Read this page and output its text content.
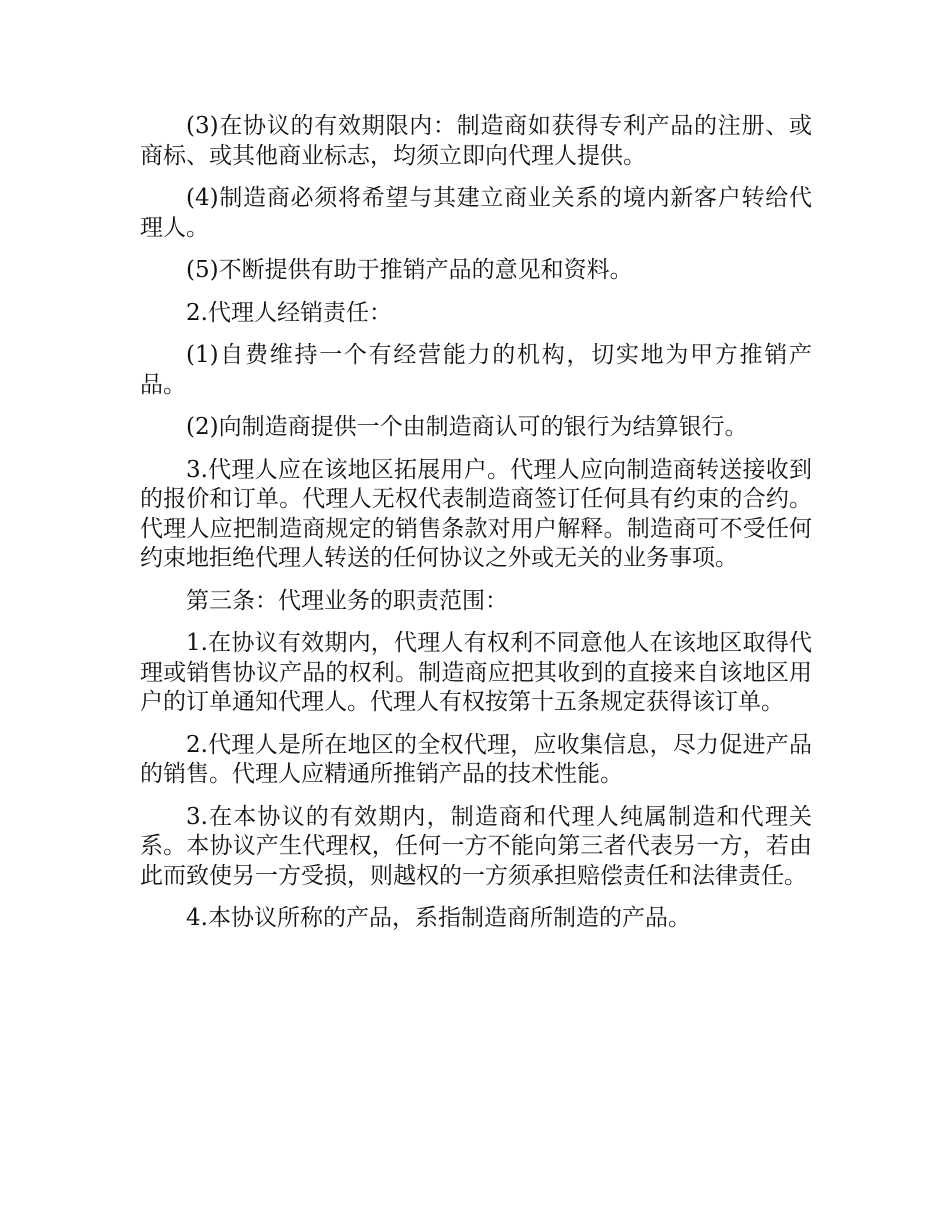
(3)在协议的有效期限内：制造商如获得专利产品的注册、或商标、或其他商业标志，均须立即向代理人提供。

(4)制造商必须将希望与其建立商业关系的境内新客户转给代理人。

(5)不断提供有助于推销产品的意见和资料。

2.代理人经销责任：

(1)自费维持一个有经营能力的机构，切实地为甲方推销产品。

(2)向制造商提供一个由制造商认可的银行为结算银行。

3.代理人应在该地区拓展用户。代理人应向制造商转送接收到的报价和订单。代理人无权代表制造商签订任何具有约束的合约。代理人应把制造商规定的销售条款对用户解释。制造商可不受任何约束地拒绝代理人转送的任何协议之外或无关的业务事项。

第三条：代理业务的职责范围：

1.在协议有效期内，代理人有权利不同意他人在该地区取得代理或销售协议产品的权利。制造商应把其收到的直接来自该地区用户的订单通知代理人。代理人有权按第十五条规定获得该订单。

2.代理人是所在地区的全权代理，应收集信息，尽力促进产品的销售。代理人应精通所推销产品的技术性能。

3.在本协议的有效期内，制造商和代理人纯属制造和代理关系。本协议产生代理权，任何一方不能向第三者代表另一方，若由此而致使另一方受损，则越权的一方须承担赔偿责任和法律责任。

4.本协议所称的产品，系指制造商所制造的产品。
